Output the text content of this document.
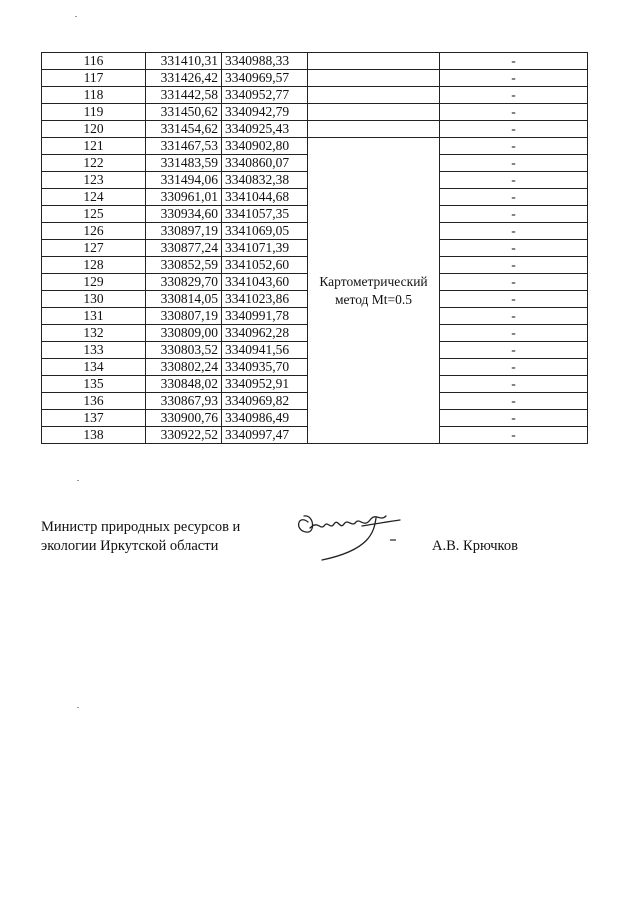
116	331410,31	3340988,33		-
117	331426,42	3340969,57		-
118	331442,58	3340952,77		-
119	331450,62	3340942,79		-
120	331454,62	3340925,43		-
121	331467,53	3340902,80	Картометрический
метод Mt=0.5	-
122	331483,59	3340860,07		-
123	331494,06	3340832,38		-
124	330961,01	3341044,68		-
125	330934,60	3341057,35		-
126	330897,19	3341069,05		-
127	330877,24	3341071,39		-
128	330852,59	3341052,60		-
129	330829,70	3341043,60		-
130	330814,05	3341023,86		-
131	330807,19	3340991,78		-
132	330809,00	3340962,28		-
133	330803,52	3340941,56		-
134	330802,24	3340935,70		-
135	330848,02	3340952,91		-
136	330867,93	3340969,82		-
137	330900,76	3340986,49		-
138	330922,52	3340997,47		-
Министр природных ресурсов и
экологии Иркутской области	А.В. Крючков
